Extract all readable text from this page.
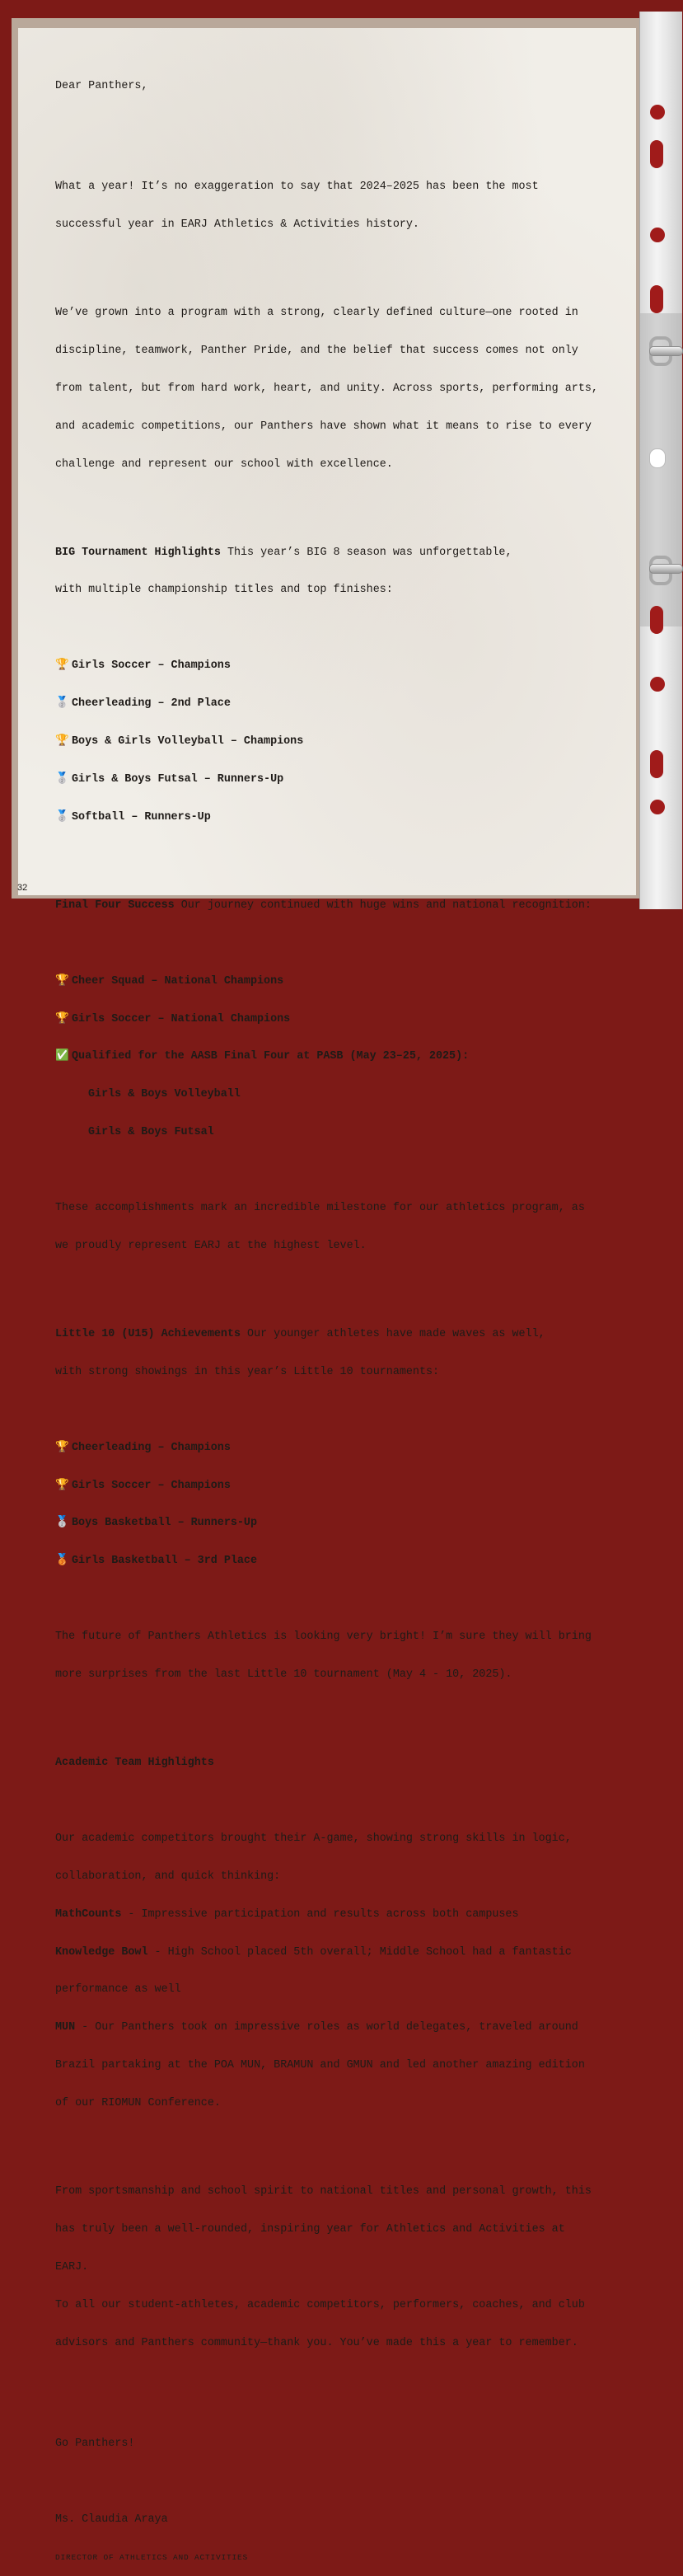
Dear Panthers,

What a year! It’s no exaggeration to say that 2024–2025 has been the most

successful year in EARJ Athletics & Activities history.

We’ve grown into a program with a strong, clearly defined culture—one rooted in

discipline, teamwork, Panther Pride, and the belief that success comes not only

from talent, but from hard work, heart, and unity. Across sports, performing arts,

and academic competitions, our Panthers have shown what it means to rise to every

challenge and represent our school with excellence.

BIG Tournament Highlights This year’s BIG 8 season was unforgettable,

with multiple championship titles and top finishes:

🏆 Girls Soccer – Champions

🥈 Cheerleading – 2nd Place

🏆 Boys & Girls Volleyball – Champions

🥈 Girls & Boys Futsal – Runners-Up

🥈 Softball – Runners-Up

Final Four Success Our journey continued with huge wins and national recognition:

🏆 Cheer Squad – National Champions

🏆 Girls Soccer – National Champions

✅ Qualified for the AASB Final Four at PASB (May 23–25, 2025):

Girls & Boys Volleyball

Girls & Boys Futsal

These accomplishments mark an incredible milestone for our athletics program, as

we proudly represent EARJ at the highest level.

Little 10 (U15) Achievements Our younger athletes have made waves as well,

with strong showings in this year’s Little 10 tournaments:

🏆 Cheerleading – Champions

🏆 Girls Soccer – Champions

🥈 Boys Basketball – Runners-Up

🥉 Girls Basketball – 3rd Place

The future of Panthers Athletics is looking very bright! I’m sure they will bring

more surprises from the last Little 10 tournament (May 4 - 10, 2025).

Academic Team Highlights

Our academic competitors brought their A-game, showing strong skills in logic,

collaboration, and quick thinking:

MathCounts - Impressive participation and results across both campuses

Knowledge Bowl - High School placed 5th overall; Middle School had a fantastic

performance as well

MUN - Our Panthers took on impressive roles as world delegates, traveled around

Brazil partaking at the POA MUN, BRAMUN and GMUN and led another amazing edition

of our RIOMUN Conference.

From sportsmanship and school spirit to national titles and personal growth, this

has truly been a well-rounded, inspiring year for Athletics and Activities at

EARJ.

To all our student-athletes, academic competitors, performers, coaches, and club

advisors and Panthers community—thank you. You’ve made this a year to remember.

Go Panthers!

Ms. Claudia Araya

DIRECTOR OF ATHLETICS AND ACTIVITIES

32
